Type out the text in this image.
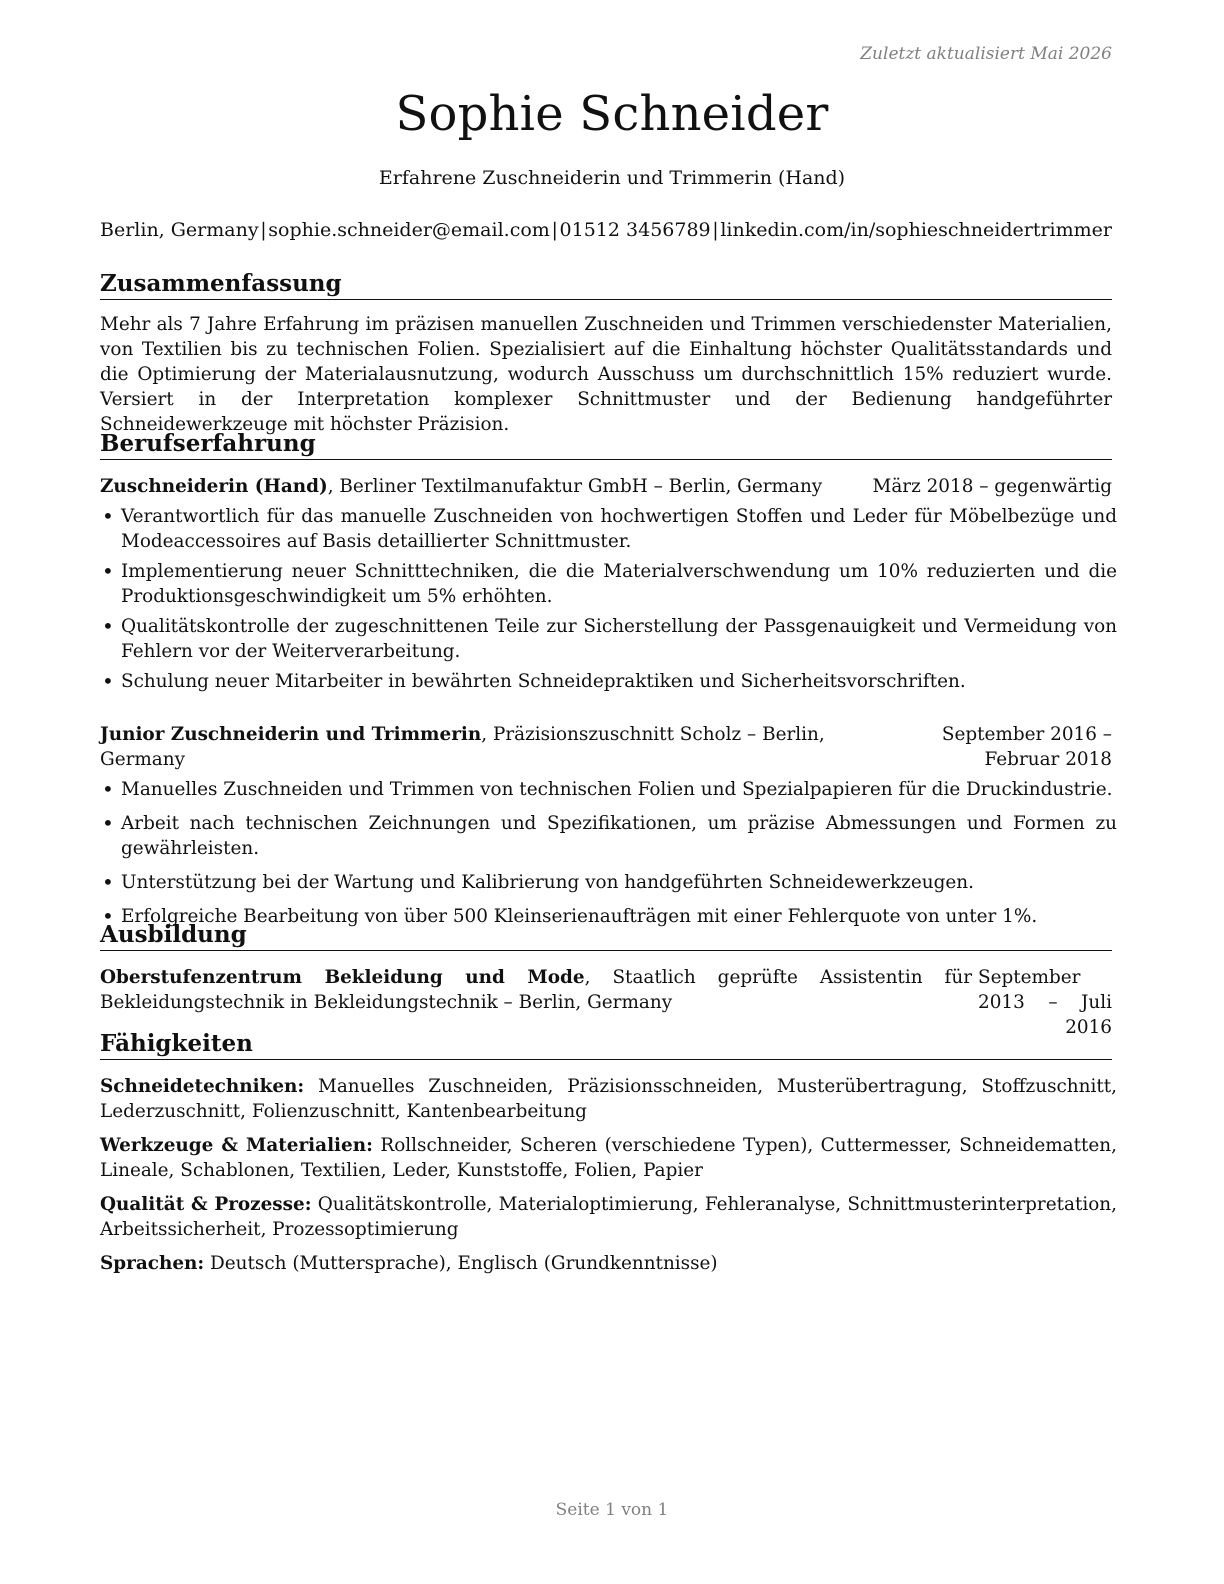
Zuletzt aktualisiert Mai 2026
Sophie Schneider
Erfahrene Zuschneiderin und Trimmerin (Hand)
Berlin, Germany | sophie.schneider@email.com | 01512 3456789 | linkedin.com/in/sophieschneidertrimmer
Zusammenfassung
Mehr als 7 Jahre Erfahrung im präzisen manuellen Zuschneiden und Trimmen verschiedenster Materialien, von Textilien bis zu technischen Folien. Spezialisiert auf die Einhaltung höchster Qualitätsstandards und die Optimierung der Materialausnutzung, wodurch Ausschuss um durchschnittlich 15% reduziert wurde. Versiert in der Interpretation komplexer Schnittmuster und der Bedienung handgeführter Schneidewerkzeuge mit höchster Präzision.
Berufserfahrung
Zuschneiderin (Hand), Berliner Textilmanufaktur GmbH – Berlin, Germany	März 2018 – gegenwärtig
• Verantwortlich für das manuelle Zuschneiden von hochwertigen Stoffen und Leder für Möbelbezüge und Modeaccessoires auf Basis detaillierter Schnittmuster.
• Implementierung neuer Schnitttechniken, die die Materialverschwendung um 10% reduzierten und die Produktionsgeschwindigkeit um 5% erhöhten.
• Qualitätskontrolle der zugeschnittenen Teile zur Sicherstellung der Passgenauigkeit und Vermeidung von Fehlern vor der Weiterverarbeitung.
• Schulung neuer Mitarbeiter in bewährten Schneidepraktiken und Sicherheitsvorschriften.
Junior Zuschneiderin und Trimmerin, Präzisionszuschnitt Scholz – Berlin, Germany
September 2016 – Februar 2018
• Manuelles Zuschneiden und Trimmen von technischen Folien und Spezialpapieren für die Druckindustrie.
• Arbeit nach technischen Zeichnungen und Spezifikationen, um präzise Abmessungen und Formen zu gewährleisten.
• Unterstützung bei der Wartung und Kalibrierung von handgeführten Schneidewerkzeugen.
• Erfolgreiche Bearbeitung von über 500 Kleinserienaufträgen mit einer Fehlerquote von unter 1%.
Ausbildung
Oberstufenzentrum Bekleidung und Mode, Staatlich geprüfte Assistentin für Bekleidungstechnik in Bekleidungstechnik – Berlin, Germany
September 2013 – Juli 2016
Fähigkeiten
Schneidetechniken: Manuelles Zuschneiden, Präzisionsschneiden, Musterübertragung, Stoffzuschnitt, Lederzuschnitt, Folienzuschnitt, Kantenbearbeitung
Werkzeuge & Materialien: Rollschneider, Scheren (verschiedene Typen), Cuttermesser, Schneidematten, Lineale, Schablonen, Textilien, Leder, Kunststoffe, Folien, Papier
Qualität & Prozesse: Qualitätskontrolle, Materialoptimierung, Fehleranalyse, Schnittmusterinterpretation, Arbeitssicherheit, Prozessoptimierung
Sprachen: Deutsch (Muttersprache), Englisch (Grundkenntnisse)
Seite 1 von 1
